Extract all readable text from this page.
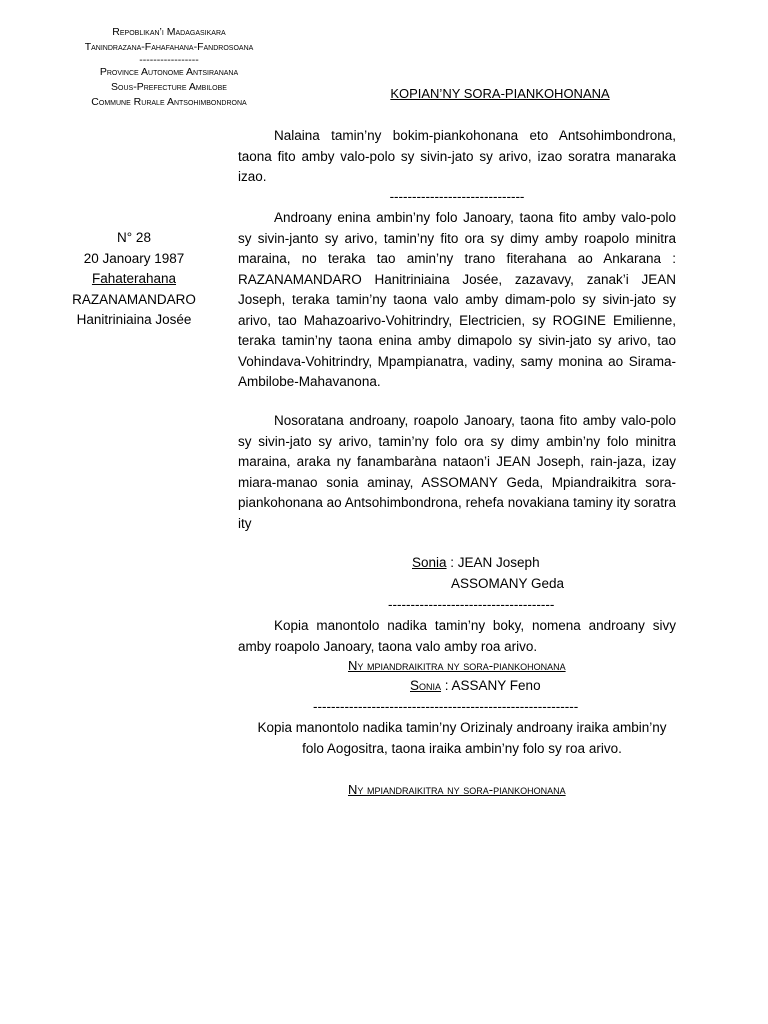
Repoblikan’i Madagasikara
Tanindrazana-Fahafahana-Fandrosoana
-----------------
Province Autonome Antsiranana
Sous-Prefecture Ambilobe
Commune Rurale Antsohimbondrona
KOPIAN’NY SORA-PIANKOHONANA
N° 28
20 Janoary 1987
Fahaterahana
RAZANAMANDARO
Hanitriniaina Josée
Nalaina tamin’ny bokim-piankohonana eto Antsohimbondrona, taona fito amby valo-polo sy sivin-jato sy arivo, izao soratra manaraka izao.
------------------------------
Androany enina ambin’ny folo Janoary, taona fito amby valo-polo sy sivin-janto sy arivo, tamin’ny fito ora sy dimy amby roapolo minitra maraina, no teraka tao amin’ny trano fiterahana ao Ankarana : RAZANAMANDARO Hanitriniaina Josée, zazavavy, zanak’i JEAN Joseph, teraka tamin’ny taona valo amby dimam-polo sy sivin-jato sy arivo, tao Mahazoarivo-Vohitrindry, Electricien, sy ROGINE Emilienne, teraka tamin’ny taona enina amby dimapolo sy sivin-jato sy arivo, tao Vohindava-Vohitrindry, Mpampianatra, vadiny, samy monina ao Sirama-Ambilobe-Mahavanona.
Nosoratana androany, roapolo Janoary, taona fito amby valo-polo sy sivin-jato sy arivo, tamin’ny folo ora sy dimy ambin’ny folo minitra maraina, araka ny fanambaràna nataon’i JEAN Joseph, rain-jaza, izay miara-manao sonia aminay, ASSOMANY Geda, Mpiandraikitra sora-piankohonana ao Antsohimbondrona, rehefa novakiana taminy ity soratra ity
Sonia : JEAN Joseph
ASSOMANY Geda
-------------------------------------
Kopia manontolo nadika tamin’ny boky, nomena androany sivy amby roapolo Janoary, taona valo amby roa arivo.
Ny mpiandraikitra ny sora-piankohonana
Sonia : ASSANY Feno
-----------------------------------------------------------
Kopia manontolo nadika tamin’ny Orizinaly androany iraika ambin’ny folo Aogositra, taona iraika ambin’ny folo sy roa arivo.
Ny mpiandraikitra ny sora-piankohonana
